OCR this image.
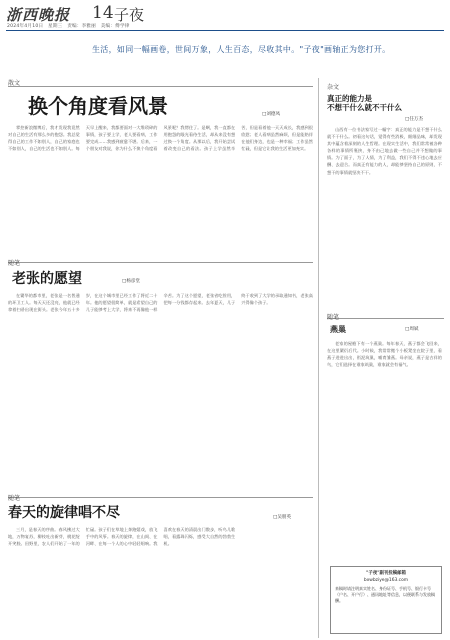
浙西晚报 14 子夜
2024年4月10日　星期三　责编：李雅丽　美编：傅学律
生活，如同一幅画卷，世间万象，人生百态，尽收其中。"子夜"画轴正为您打开。
散文
换个角度看风景	□刘德凤
掌控新浪微博后，我才发现我竟然对自己的生活有那么多的抱怨。我总觉得自己的工作不如别人，自己的家庭也不如别人，自己的生活也不如别人。每天早上醒来，我都要面对一大堆琐碎的事情，孩子要上学，老人要看病，工作要完成……我感到疲惫不堪。后来，一个朋友对我说，你为什么不换个角度看风景呢？我愣住了。是啊，我一直都在用抱怨的眼光看待生活，却从来没有想过换一个角度。从那以后，我开始尝试着改变自己的看法。孩子上学虽然辛苦，但是看着他一天天成长，我感到很欣慰；老人看病虽然麻烦，但是能陪伴在他们身边，也是一种幸福；工作虽然忙碌，但是它让我的生活更加充实。
杂文
真正的能力是
不想干什么就不干什么
□任万杰
山西有一位书法家写过一幅字：真正的能力是不想干什么就不干什么。初看这句话，觉得有些消极，细细品味，却发现其中蕴含着深刻的人生哲理。在现实生活中，我们常常被各种各样的事情所裹挟，身不由己地去做一些自己并不想做的事情。为了面子，为了人情，为了利益，我们不得不违心地去应酬、去迎合。而真正有能力的人，却能够坚持自己的原则，不想干的事情就坚决不干。
随笔
老张的愿望	□杨彦堂
在繁华的都市里，老张是一名普通的环卫工人。每天天还没亮，他就已经拿着扫帚出现在街头。老张今年五十多岁，在这个城市里已经工作了将近二十年。他的愿望很简单，就是希望自己的儿子能够考上大学，将来不再像他一样辛苦。为了这个愿望，老张省吃俭用，把每一分钱都存起来。去年夏天，儿子终于收到了大学的录取通知书，老张高兴得像个孩子。
随笔
燕巢	□周斌
老家的屋檐下有一个燕巢。每年春天，燕子都会飞回来，在这里繁衍后代。小时候，我常常搬个小板凳坐在院子里，看燕子进进出出，衔泥筑巢，哺育雏燕。母亲说，燕子是吉祥的鸟，它们选择在谁家筑巢，谁家就会有福气。
随笔
春天的旋律唱不尽	□吴朋英
三月，是春天的序曲。春风拂过大地，万物复苏，柳枝吐出新芽，桃花绽开笑脸。田野里，农人们开始了一年的忙碌。孩子们在草地上奔跑嬉戏，放飞手中的风筝。春天的旋律，在山间、在河畔、在每一个人的心中轻轻唱响。我喜欢在春天的清晨出门散步，听鸟儿歌唱，看露珠闪烁，感受大自然的勃勃生机。
"子夜"副刊投稿邮箱
bxwbziye@163.com
来稿时请注明真实姓名、身份证号、手机号、银行卡号（户名、开户行）、通讯地址等信息，以便联系与发放稿酬。
